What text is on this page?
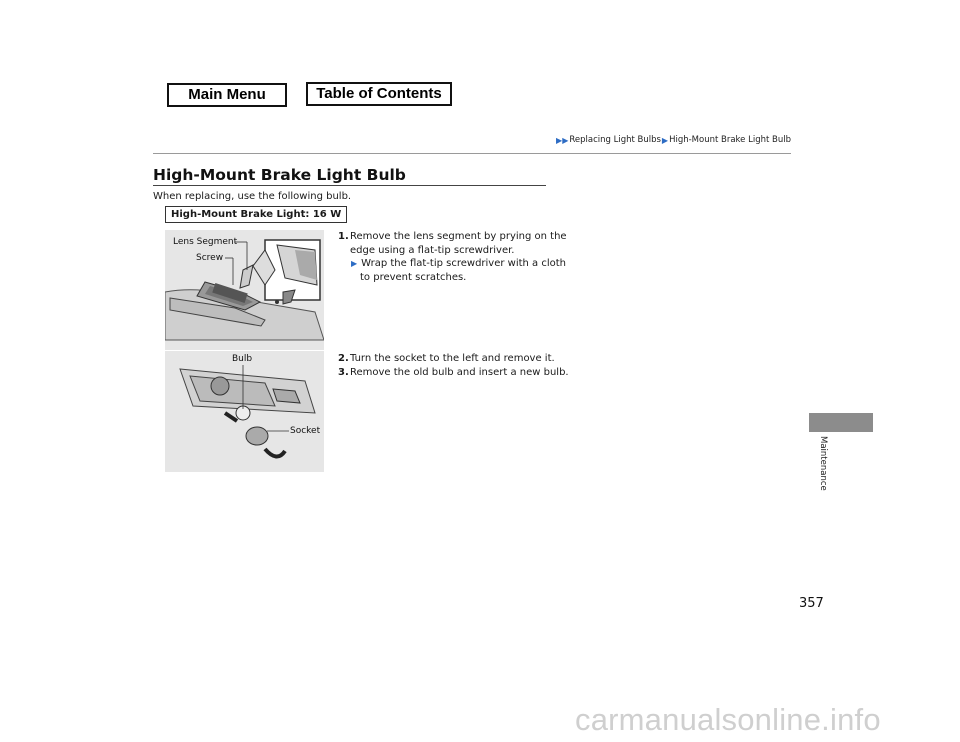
Main Menu	Table of Contents
▶▶ Replacing Light Bulbs ▶ High-Mount Brake Light Bulb
High-Mount Brake Light Bulb
When replacing, use the following bulb.
High-Mount Brake Light: 16 W
Lens Segment
Screw
Bulb
Socket
1.Remove the lens segment by prying on the
edge using a flat-tip screwdriver.
▶ Wrap the flat-tip screwdriver with a cloth
to prevent scratches.
2.Turn the socket to the left and remove it.
3.Remove the old bulb and insert a new bulb.
Maintenance
357
carmanualsonline.info
